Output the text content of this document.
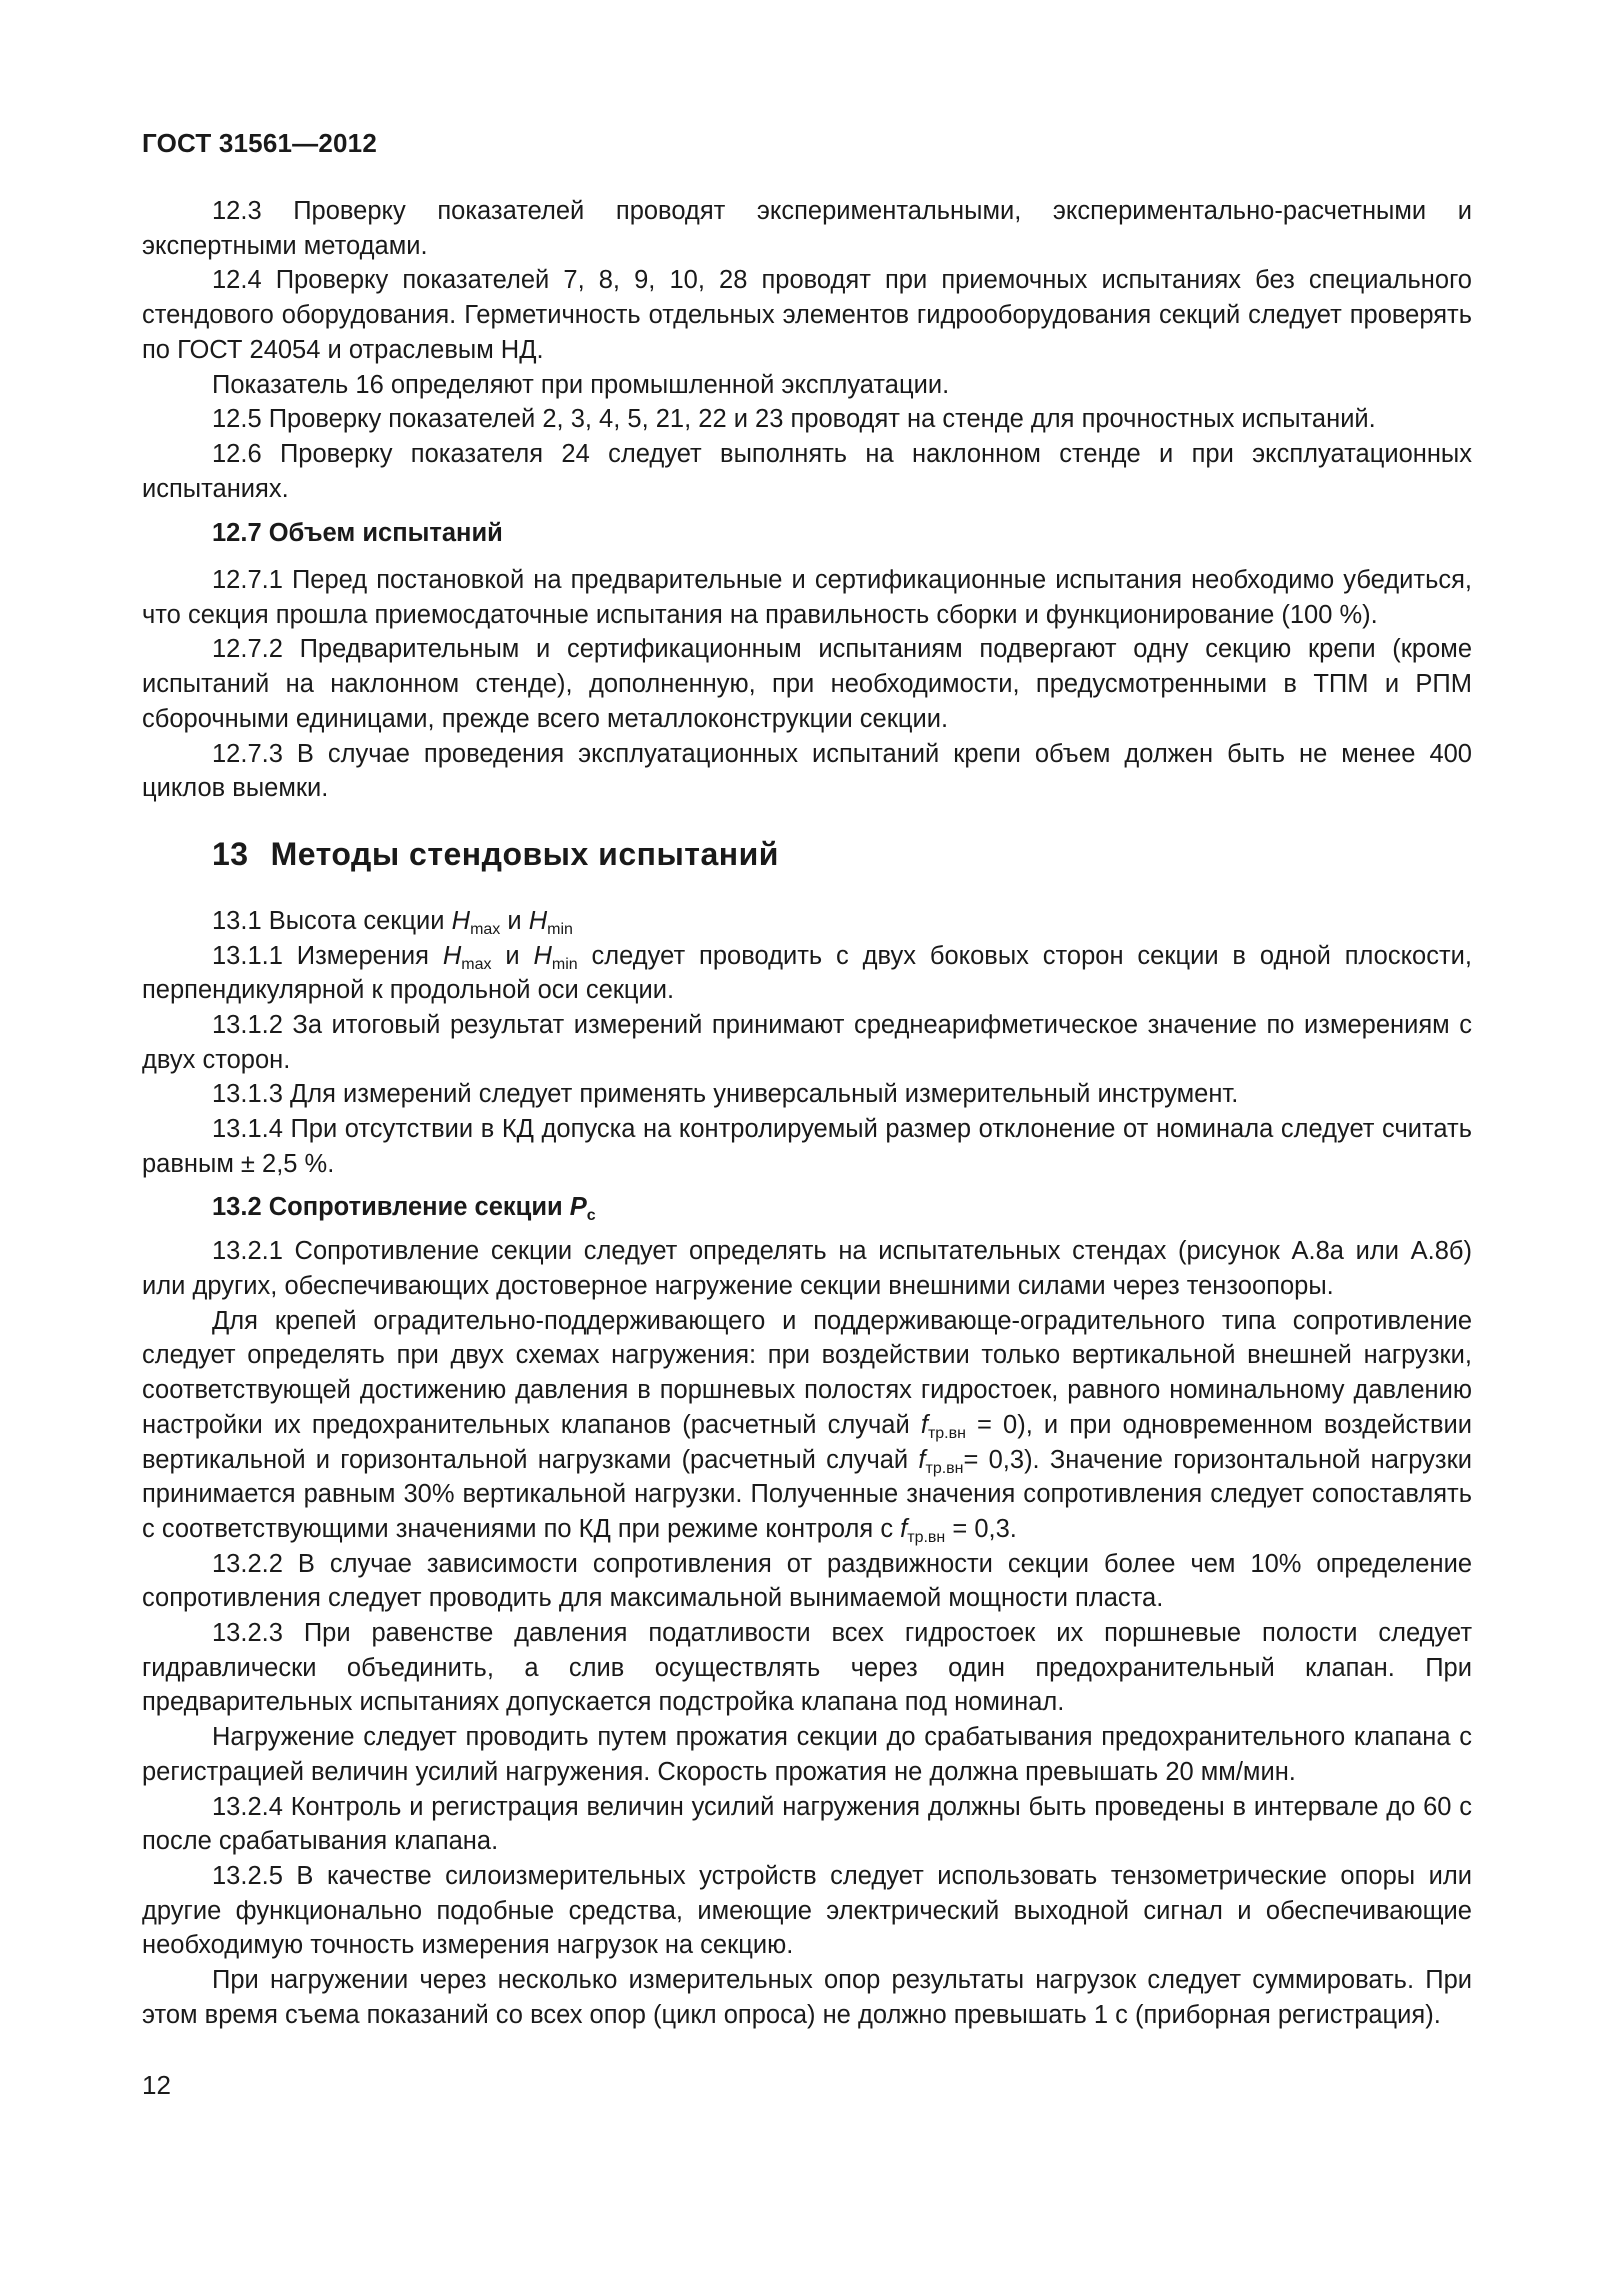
ГОСТ 31561—2012

12.3 Проверку показателей проводят экспериментальными, экспериментально-расчетными и экспертными методами.

12.4 Проверку показателей 7, 8, 9, 10, 28 проводят при приемочных испытаниях без специального стендового оборудования. Герметичность отдельных элементов гидрооборудования секций следует проверять по ГОСТ 24054 и отраслевым НД.

Показатель 16 определяют при промышленной эксплуатации.

12.5 Проверку показателей 2, 3, 4, 5, 21, 22 и 23 проводят на стенде для прочностных испытаний.

12.6 Проверку показателя 24 следует выполнять на наклонном стенде и при эксплуатационных испытаниях.

12.7 Объем испытаний

12.7.1 Перед постановкой на предварительные и сертификационные испытания необходимо убедиться, что секция прошла приемосдаточные испытания на правильность сборки и функционирование (100 %).

12.7.2 Предварительным и сертификационным испытаниям подвергают одну секцию крепи (кроме испытаний на наклонном стенде), дополненную, при необходимости, предусмотренными в ТПМ и РПМ сборочными единицами, прежде всего металлоконструкции секции.

12.7.3 В случае проведения эксплуатационных испытаний крепи объем должен быть не менее 400 циклов выемки.

13 Методы стендовых испытаний

13.1 Высота секции $H_{max}$ и $H_{min}$

13.1.1 Измерения $H_{max}$ и $H_{min}$ следует проводить с двух боковых сторон секции в одной плоскости, перпендикулярной к продольной оси секции.

13.1.2 За итоговый результат измерений принимают среднеарифметическое значение по измерениям с двух сторон.

13.1.3 Для измерений следует применять универсальный измерительный инструмент.

13.1.4 При отсутствии в КД допуска на контролируемый размер отклонение от номинала следует считать равным ± 2,5 %.

13.2 Сопротивление секции $P_c$

13.2.1 Сопротивление секции следует определять на испытательных стендах (рисунок А.8а или А.8б) или других, обеспечивающих достоверное нагружение секции внешними силами через тензоопоры.

Для крепей оградительно-поддерживающего и поддерживающе-оградительного типа сопротивление следует определять при двух схемах нагружения: при воздействии только вертикальной внешней нагрузки, соответствующей достижению давления в поршневых полостях гидростоек, равного номинальному давлению настройки их предохранительных клапанов (расчетный случай $f_{тр.вн} = 0$), и при одновременном воздействии вертикальной и горизонтальной нагрузками (расчетный случай $f_{тр.вн}= 0,3$). Значение горизонтальной нагрузки принимается равным 30% вертикальной нагрузки. Полученные значения сопротивления следует сопоставлять с соответствующими значениями по КД при режиме контроля с $f_{тр.вн} = 0,3$.

13.2.2 В случае зависимости сопротивления от раздвижности секции более чем 10% определение сопротивления следует проводить для максимальной вынимаемой мощности пласта.

13.2.3 При равенстве давления податливости всех гидростоек их поршневые полости следует гидравлически объединить, а слив осуществлять через один предохранительный клапан. При предварительных испытаниях допускается подстройка клапана под номинал.

Нагружение следует проводить путем прожатия секции до срабатывания предохранительного клапана с регистрацией величин усилий нагружения. Скорость прожатия не должна превышать 20 мм/мин.

13.2.4 Контроль и регистрация величин усилий нагружения должны быть проведены в интервале до 60 с после срабатывания клапана.

13.2.5 В качестве силоизмерительных устройств следует использовать тензометрические опоры или другие функционально подобные средства, имеющие электрический выходной сигнал и обеспечивающие необходимую точность измерения нагрузок на секцию.

При нагружении через несколько измерительных опор результаты нагрузок следует суммировать. При этом время съема показаний со всех опор (цикл опроса) не должно превышать 1 с (приборная регистрация).

12
